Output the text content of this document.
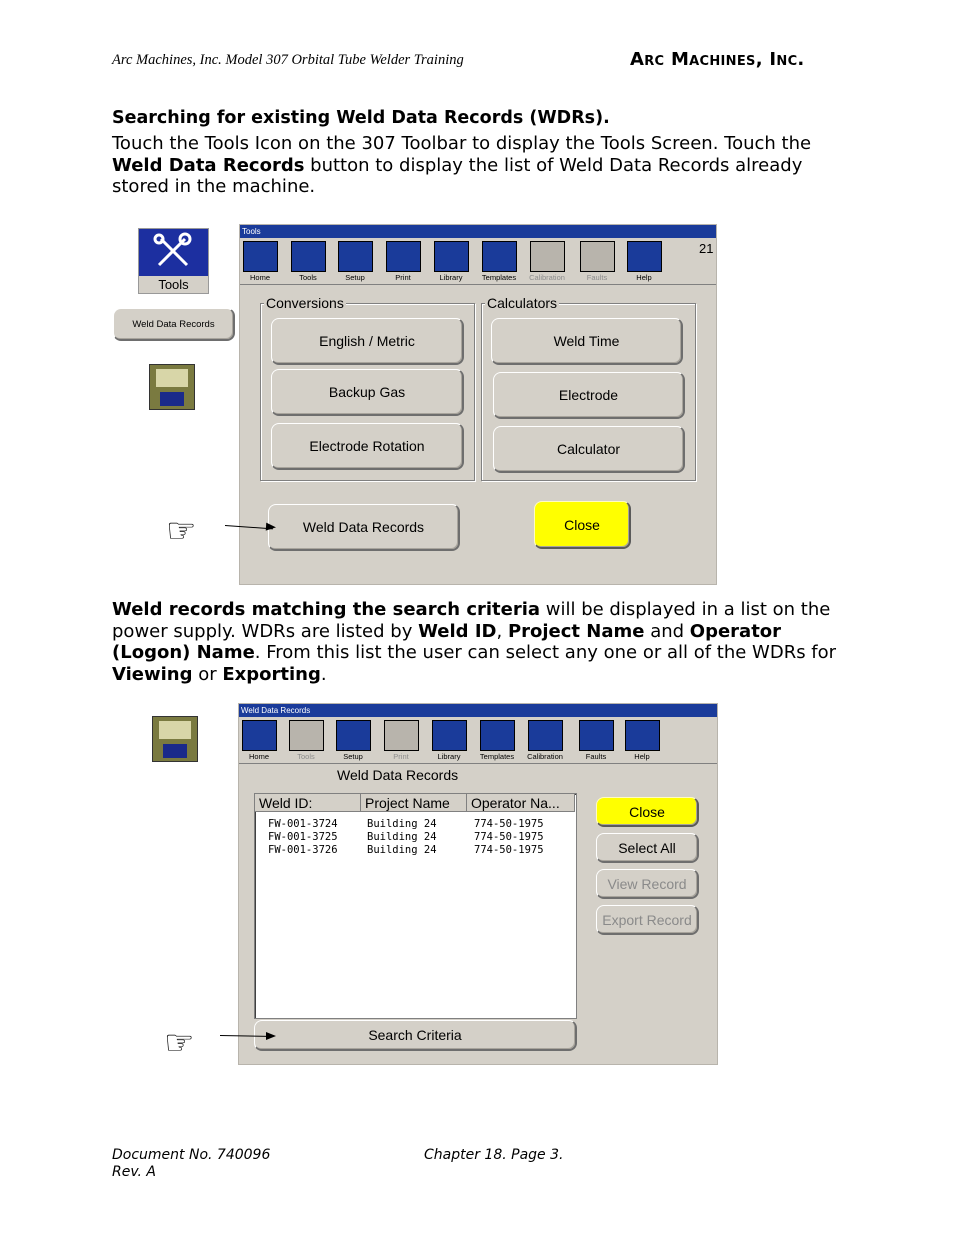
Arc Machines, Inc. Model 307 Orbital Tube Welder Training	Arc Machines, Inc.
Searching for existing Weld Data Records (WDRs).
Touch the Tools Icon on the 307 Toolbar to display the Tools Screen. Touch the Weld Data Records button to display the list of Weld Data Records already stored in the machine.
Tools
Weld Data Records
Tools
Home	Tools	Setup	Print	Library	Templates	Calibration	Faults	Help
21
Conversions	Calculators
English / Metric
Backup Gas
Electrode Rotation
Weld Time
Electrode
Calculator
Weld Data Records	Close
☞
Weld records matching the search criteria will be displayed in a list on the power supply. WDRs are listed by Weld ID, Project Name and Operator (Logon) Name. From this list the user can select any one or all of the WDRs for Viewing or Exporting.
Weld Data Records
Home	Tools	Setup	Print	Library	Templates	Calibration	Faults	Help
Weld Data Records
Weld ID:	Project Name	Operator Na...
FW-001-3724	Building 24	774-50-1975
FW-001-3725	Building 24	774-50-1975
FW-001-3726	Building 24	774-50-1975
Close
Select All
View Record
Export Record
Search Criteria
☞
Document No. 740096
Rev. A
Chapter 18. Page 3.
